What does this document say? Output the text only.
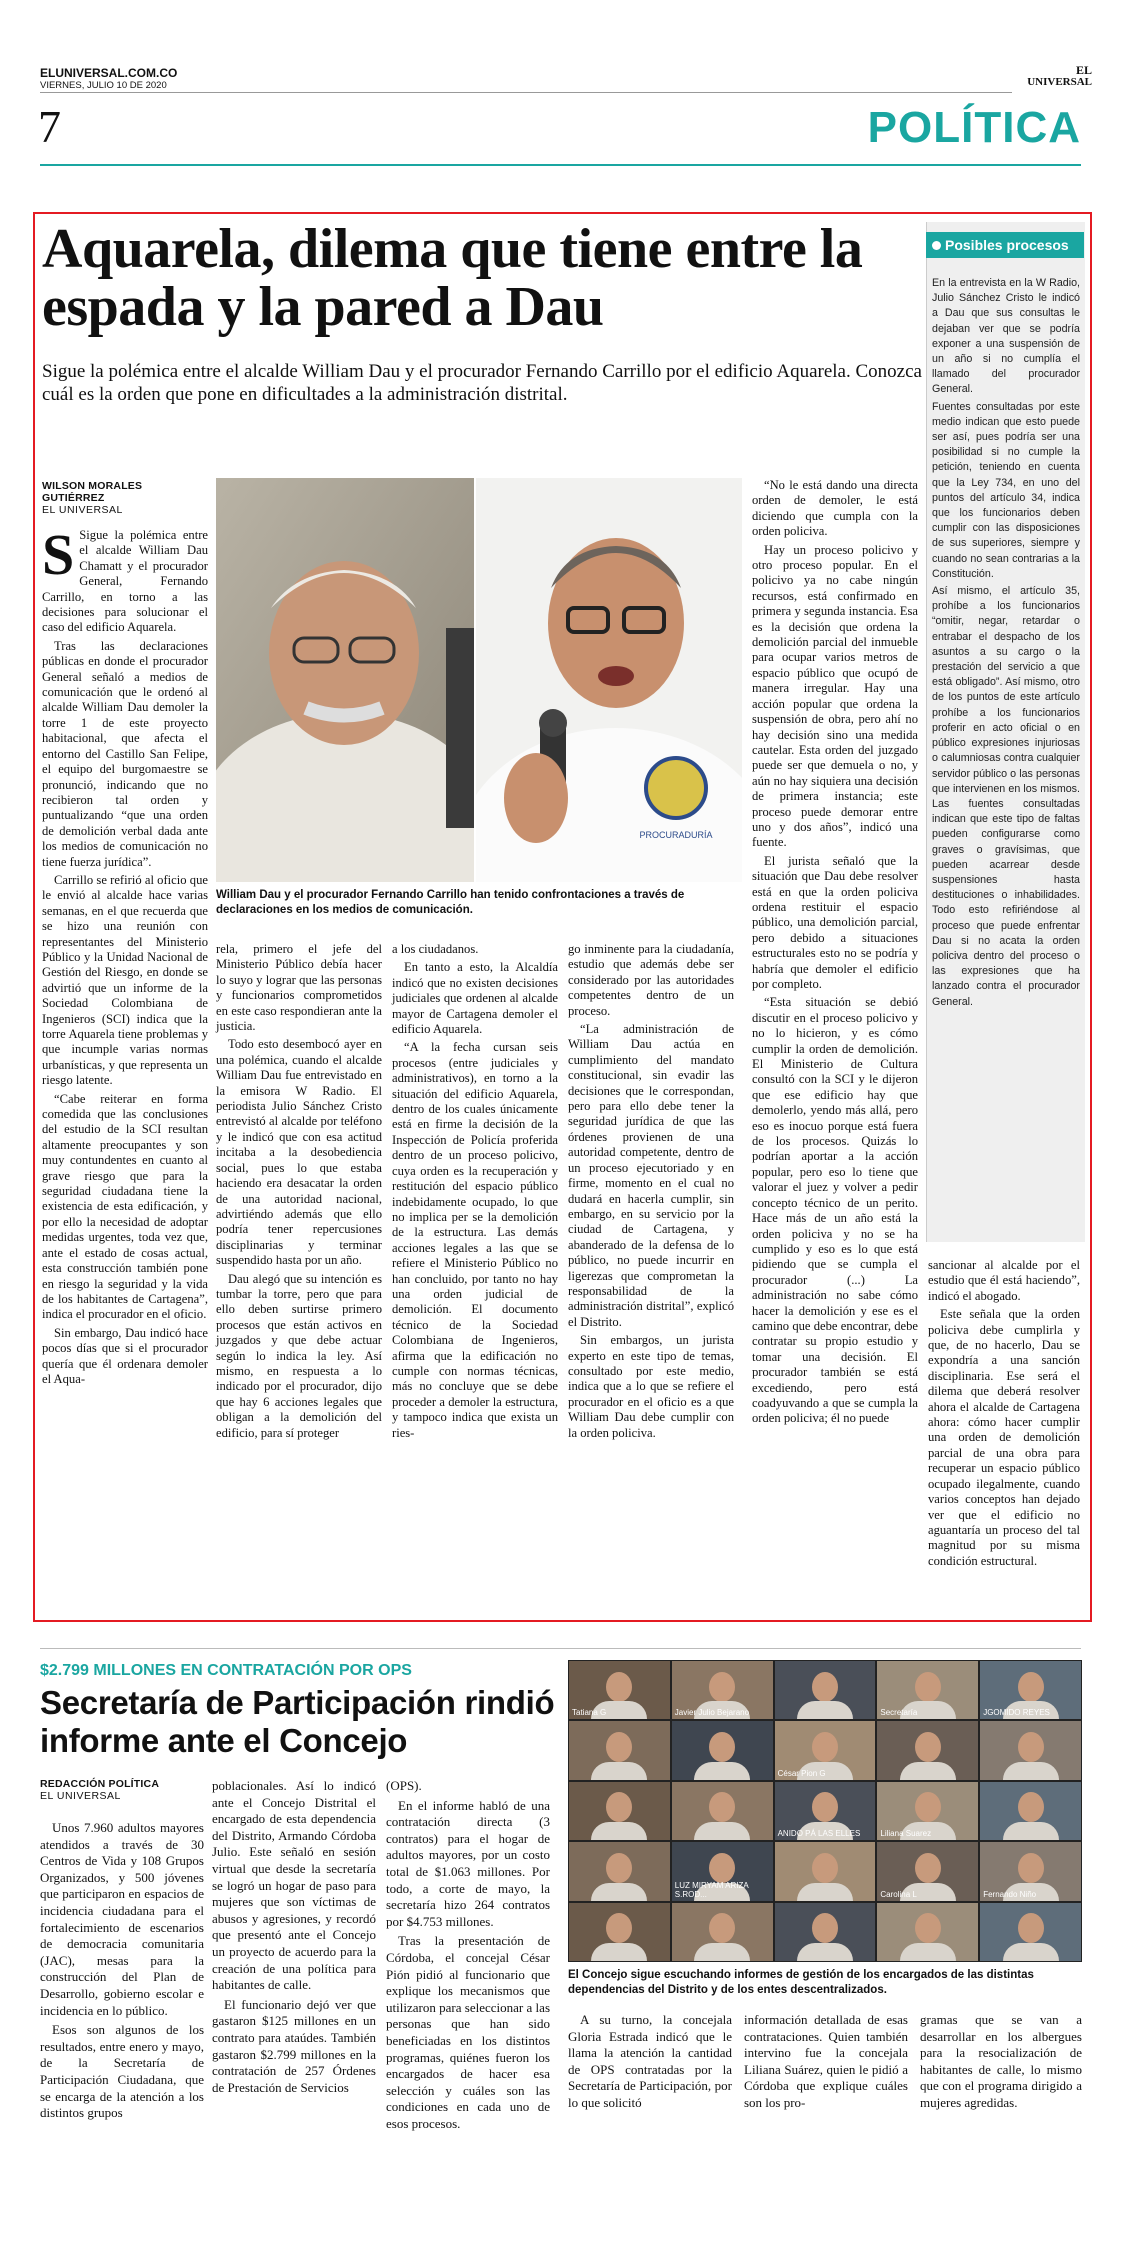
ELUNIVERSAL.COM.CO
VIERNES, JULIO 10 DE 2020
7
EL
UNIVERSAL
POLÍTICA
Aquarela, dilema que tiene entre la espada y la pared a Dau
Sigue la polémica entre el alcalde William Dau y el procurador Fernando Carrillo por el edificio Aquarela. Conozca cuál es la orden que pone en dificultades a la administración distrital.
WILSON MORALES GUTIÉRREZ
EL UNIVERSAL
PROCURADURÍA
William Dau y el procurador Fernando Carrillo han tenido confrontaciones a través de declaraciones en los medios de comunicación.

S Sigue la polémica entre el alcalde William Dau Chamatt y el procurador General, Fernando Carrillo, en torno a las decisiones para solucionar el caso del edificio Aquarela.

Tras las declaraciones públicas en donde el procurador General señaló a medios de comunicación que le ordenó al alcalde William Dau demoler la torre 1 de este proyecto habitacional, que afecta el entorno del Castillo San Felipe, el equipo del burgomaestre se pronunció, indicando que no recibieron tal orden y puntualizando “que una orden de demolición verbal dada ante los medios de comunicación no tiene fuerza jurídica”.

Carrillo se refirió al oficio que le envió al alcalde hace varias semanas, en el que recuerda que se hizo una reunión con representantes del Ministerio Público y la Unidad Nacional de Gestión del Riesgo, en donde se advirtió que un informe de la Sociedad Colombiana de Ingenieros (SCI) indica que la torre Aquarela tiene problemas y que incumple varias normas urbanísticas, y que representa un riesgo latente.

“Cabe reiterar en forma comedida que las conclusiones del estudio de la SCI resultan altamente preocupantes y son muy contundentes en cuanto al grave riesgo que para la seguridad ciudadana tiene la existencia de esta edificación, y por ello la necesidad de adoptar medidas urgentes, toda vez que, ante el estado de cosas actual, esta construcción también pone en riesgo la seguridad y la vida de los habitantes de Cartagena”, indica el procurador en el oficio.

Sin embargo, Dau indicó hace pocos días que si el procurador quería que él ordenara demoler el Aqua-

rela, primero el jefe del Ministerio Público debía hacer lo suyo y lograr que las personas y funcionarios comprometidos en este caso respondieran ante la justicia.

Todo esto desembocó ayer en una polémica, cuando el alcalde William Dau fue entrevistado en la emisora W Radio. El periodista Julio Sánchez Cristo entrevistó al alcalde por teléfono y le indicó que con esa actitud incitaba a la desobediencia social, pues lo que estaba haciendo era desacatar la orden de una autoridad nacional, advirtiéndo además que ello podría tener repercusiones disciplinarias y terminar suspendido hasta por un año.

Dau alegó que su intención es tumbar la torre, pero que para ello deben surtirse primero procesos que están activos en juzgados y que debe actuar según lo indica la ley. Así mismo, en respuesta a lo indicado por el procurador, dijo que hay 6 acciones legales que obligan a la demolición del edificio, para sí proteger

a los ciudadanos.

En tanto a esto, la Alcaldía indicó que no existen decisiones judiciales que ordenen al alcalde mayor de Cartagena demoler el edificio Aquarela.

“A la fecha cursan seis procesos (entre judiciales y administrativos), en torno a la situación del edificio Aquarela, dentro de los cuales únicamente está en firme la decisión de la Inspección de Policía proferida dentro de un proceso policivo, cuya orden es la recuperación y restitución del espacio público indebidamente ocupado, lo que no implica per se la demolición de la estructura. Las demás acciones legales a las que se refiere el Ministerio Público no han concluido, por tanto no hay una orden judicial de demolición. El documento técnico de la Sociedad Colombiana de Ingenieros, afirma que la edificación no cumple con normas técnicas, más no concluye que se debe proceder a demoler la estructura, y tampoco indica que exista un ries-

go inminente para la ciudadanía, estudio que además debe ser considerado por las autoridades competentes dentro de un proceso.

“La administración de William Dau actúa en cumplimiento del mandato constitucional, sin evadir las decisiones que le correspondan, pero para ello debe tener la seguridad jurídica de que las órdenes provienen de una autoridad competente, dentro de un proceso ejecutoriado y en firme, momento en el cual no dudará en hacerla cumplir, sin embargo, en su servicio por la ciudad de Cartagena, y abanderado de la defensa de lo público, no puede incurrir en ligerezas que comprometan la responsabilidad de la administración distrital”, explicó el Distrito.

Sin embargos, un jurista experto en este tipo de temas, consultado por este medio, indica que a lo que se refiere el procurador en el oficio es a que William Dau debe cumplir con la orden policiva.

“No le está dando una directa orden de demoler, le está diciendo que cumpla con la orden policiva.

Hay un proceso policivo y otro proceso popular. En el policivo ya no cabe ningún recursos, está confirmado en primera y segunda instancia. Esa es la decisión que ordena la demolición parcial del inmueble para ocupar varios metros de espacio público que ocupó de manera irregular. Hay una acción popular que ordena la suspensión de obra, pero ahí no hay decisión sino una medida cautelar. Esta orden del juzgado puede ser que demuela o no, y aún no hay siquiera una decisión de primera instancia; este proceso puede demorar entre uno y dos años”, indicó una fuente.

El jurista señaló que la situación que Dau debe resolver está en que la orden policiva ordena restituir el espacio público, una demolición parcial, pero debido a situaciones estructurales esto no se podría y habría que demoler el edificio por completo.

“Esta situación se debió discutir en el proceso policivo y no lo hicieron, y es cómo cumplir la orden de demolición. El Ministerio de Cultura consultó con la SCI y le dijeron que ese edificio hay que demolerlo, yendo más allá, pero eso es inocuo porque está fuera de los procesos. Quizás lo podrían aportar a la acción popular, pero eso lo tiene que valorar el juez y volver a pedir concepto técnico de un perito. Hace más de un año está la orden policiva y no se ha cumplido y eso es lo que está pidiendo que se cumpla el procurador (...) La administración no sabe cómo hacer la demolición y ese es el camino que debe encontrar, debe contratar su propio estudio y tomar una decisión. El procurador también se está excediendo, pero está coadyuvando a que se cumpla la orden policiva; él no puede

sancionar al alcalde por el estudio que él está haciendo”, indicó el abogado.

Este señala que la orden policiva debe cumplirla y que, de no hacerlo, Dau se expondría a una sanción disciplinaria. Ese será el dilema que deberá resolver ahora el alcalde de Cartagena ahora: cómo hacer cumplir una orden de demolición parcial de una obra para recuperar un espacio público ocupado ilegalmente, cuando varios conceptos han dejado ver que el edificio no aguantaría un proceso del tal magnitud por su misma condición estructural.

Posibles procesos

En la entrevista en la W Radio, Julio Sánchez Cristo le indicó a Dau que sus consultas le dejaban ver que se podría exponer a una suspensión de un año si no cumplía el llamado del procurador General.

Fuentes consultadas por este medio indican que esto puede ser así, pues podría ser una posibilidad si no cumple la petición, teniendo en cuenta que la Ley 734, en uno del puntos del artículo 34, indica que los funcionarios deben cumplir con las disposiciones de sus superiores, siempre y cuando no sean contrarias a la Constitución.

Así mismo, el artículo 35, prohíbe a los funcionarios “omitir, negar, retardar o entrabar el despacho de los asuntos a su cargo o la prestación del servicio a que está obligado”. Así mismo, otro de los puntos de este artículo prohíbe a los funcionarios proferir en acto oficial o en público expresiones injuriosas o calumniosas contra cualquier servidor público o las personas que intervienen en los mismos. Las fuentes consultadas indican que este tipo de faltas pueden configurarse como graves o gravísimas, que pueden acarrear desde suspensiones hasta destituciones o inhabilidades. Todo esto refiriéndose al proceso que puede enfrentar Dau si no acata la orden policiva dentro del proceso o las expresiones que ha lanzado contra el procurador General.

$2.799 MILLONES EN CONTRATACIÓN POR OPS
Secretaría de Participación rindió informe ante el Concejo
REDACCIÓN POLÍTICA
EL UNIVERSAL

Unos 7.960 adultos mayores atendidos a través de 30 Centros de Vida y 108 Grupos Organizados, y 500 jóvenes que participaron en espacios de incidencia ciudadana para el fortalecimiento de escenarios de democracia comunitaria (JAC), mesas para la construcción del Plan de Desarrollo, gobierno escolar e incidencia en lo público.

Esos son algunos de los resultados, entre enero y mayo, de la Secretaría de Participación Ciudadana, que se encarga de la atención a los distintos grupos

poblacionales. Así lo indicó ante el Concejo Distrital el encargado de esta dependencia del Distrito, Armando Córdoba Julio. Este señaló en sesión virtual que desde la secretaría se logró un hogar de paso para mujeres que son víctimas de abusos y agresiones, y recordó que presentó ante el Concejo un proyecto de acuerdo para la creación de una política para habitantes de calle.

El funcionario dejó ver que gastaron $125 millones en un contrato para ataúdes. También gastaron $2.799 millones en la contratación de 257 Órdenes de Prestación de Servicios

(OPS).

En el informe habló de una contratación directa (3 contratos) para el hogar de adultos mayores, por un costo total de $1.063 millones. Por todo, a corte de mayo, la secretaría hizo 264 contratos por $4.753 millones.

Tras la presentación de Córdoba, el concejal César Pión pidió al funcionario que explique los mecanismos que utilizaron para seleccionar a las personas que han sido beneficiadas en los distintos programas, quiénes fueron los encargados de hacer esa selección y cuáles son las condiciones en cada uno de esos procesos.

Tatiana G	Javier Julio Bejarano	Secretaría	JGOMIDO REYES
César Pion G
ANIDO PÁ LAS ELLES	Liliana Suarez
LUZ MIRYAM ARIZA S.ROD...	Carolina L	Fernando Niño
El Concejo sigue escuchando informes de gestión de los encargados de las distintas dependencias del Distrito y de los entes descentralizados.

A su turno, la concejala Gloria Estrada indicó que le llama la atención la cantidad de OPS contratadas por la Secretaría de Participación, por lo que solicitó

información detallada de esas contrataciones. Quien también intervino fue la concejala Liliana Suárez, quien le pidió a Córdoba que explique cuáles son los pro-

gramas que se van a desarrollar en los albergues para la resocialización de habitantes de calle, lo mismo que con el programa dirigido a mujeres agredidas.
